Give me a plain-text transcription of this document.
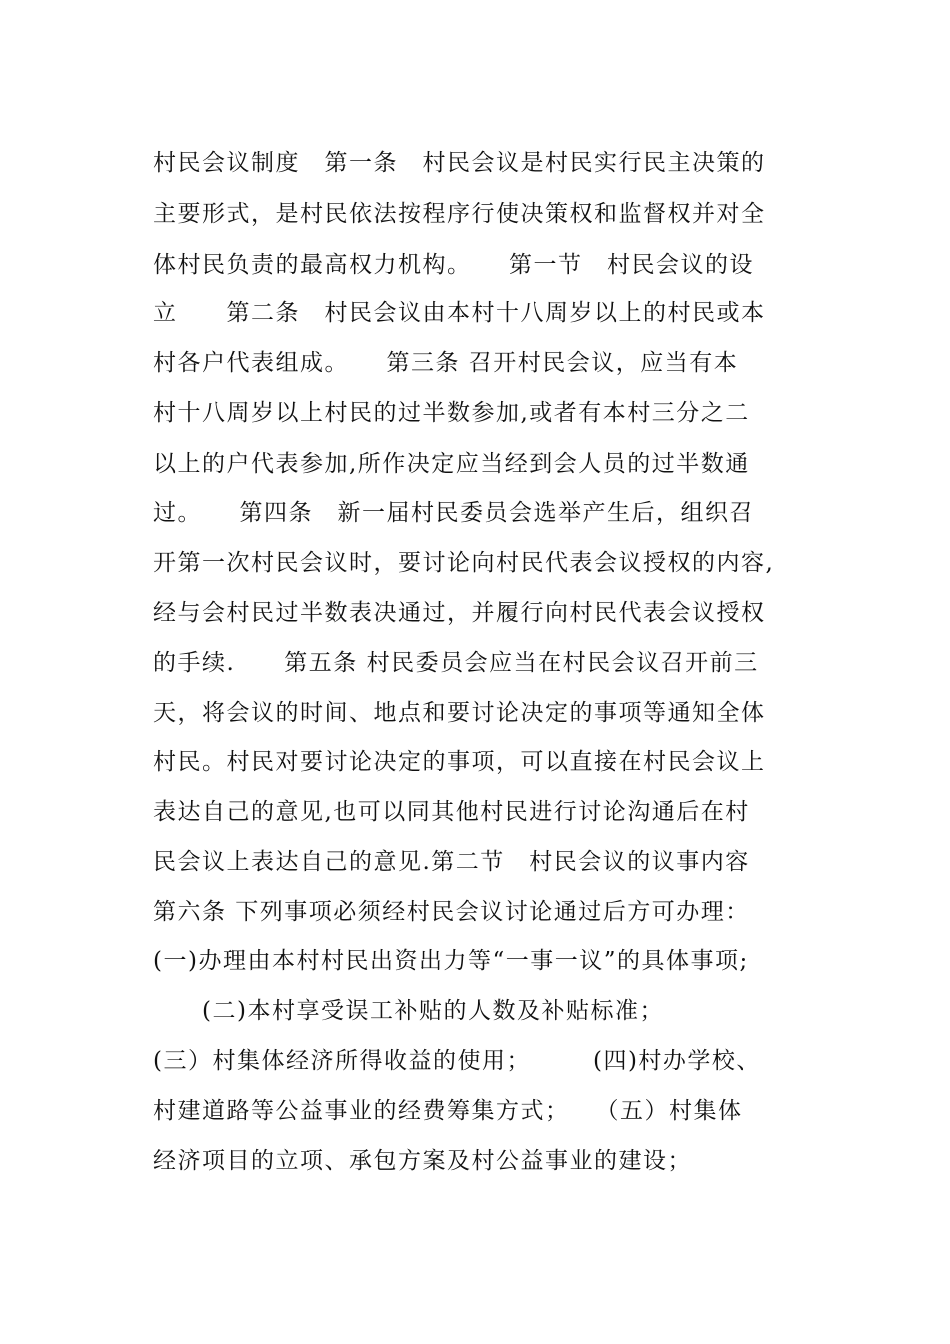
村民会议制度　第一条　村民会议是村民实行民主决策的
主要形式，是村民依法按程序行使决策权和监督权并对全
体村民负责的最高权力机构。　　第一节　村民会议的设
立　　第二条　村民会议由本村十八周岁以上的村民或本
村各户代表组成。　　第三条 召开村民会议，应当有本
村十八周岁以上村民的过半数参加,或者有本村三分之二
以上的户代表参加,所作决定应当经到会人员的过半数通
过。　　第四条　新一届村民委员会选举产生后，组织召
开第一次村民会议时，要讨论向村民代表会议授权的内容,
经与会村民过半数表决通过，并履行向村民代表会议授权
的手续.　　第五条 村民委员会应当在村民会议召开前三
天，将会议的时间、地点和要讨论决定的事项等通知全体
村民。村民对要讨论决定的事项，可以直接在村民会议上
表达自己的意见,也可以同其他村民进行讨论沟通后在村
民会议上表达自己的意见.第二节　村民会议的议事内容
第六条 下列事项必须经村民会议讨论通过后方可办理：
(一)办理由本村村民出资出力等“一事一议”的具体事项;
　　(二)本村享受误工补贴的人数及补贴标准；
(三）村集体经济所得收益的使用；　　　(四)村办学校、
村建道路等公益事业的经费筹集方式；　　（五）村集体
经济项目的立项、承包方案及村公益事业的建设；
